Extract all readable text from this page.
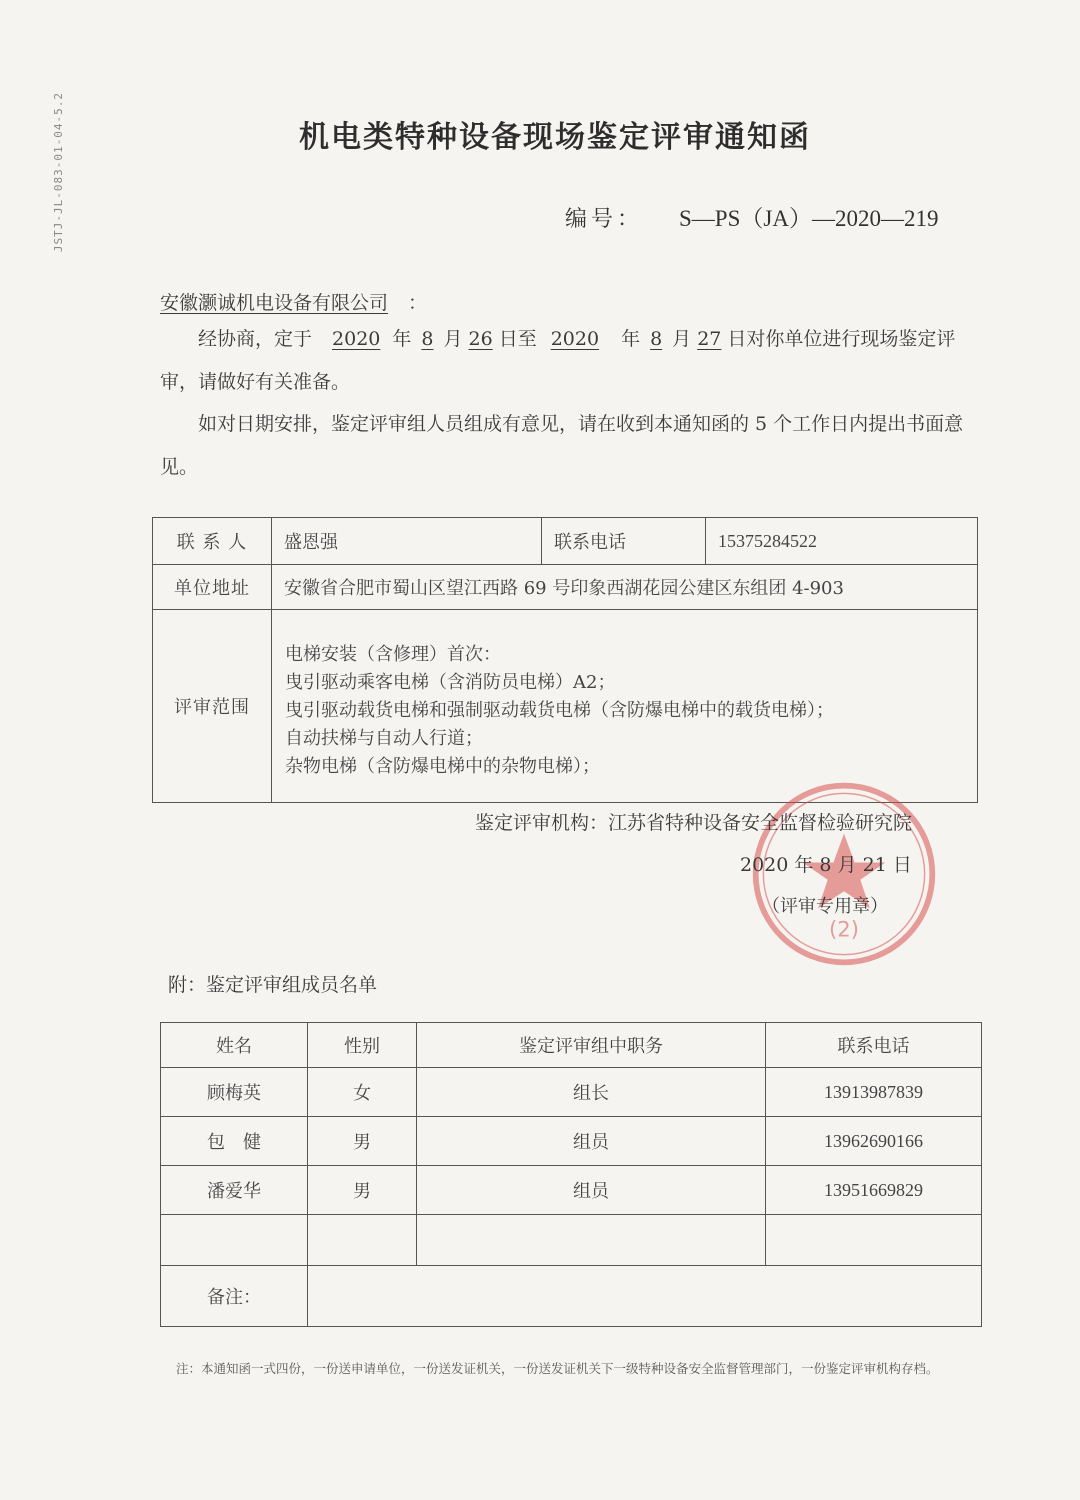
JSTJ-JL-083-01-04-5.2	机电类特种设备现场鉴定评审通知函
编号： S—PS（JA）—2020—219
安徽灏诚机电设备有限公司 ：
经协商，定于 2020 年 8 月 26 日至 2020 年 8 月 27 日对你单位进行现场鉴定评审，请做好有关准备。
如对日期安排，鉴定评审组人员组成有意见，请在收到本通知函的 5 个工作日内提出书面意见。
联 系 人	盛恩强	联系电话	15375284522
单位地址	安徽省合肥市蜀山区望江西路 69 号印象西湖花园公建区东组团 4-903		
评审范围	电梯安装（含修理）首次：
曳引驱动乘客电梯（含消防员电梯）A2；
曳引驱动载货电梯和强制驱动载货电梯（含防爆电梯中的载货电梯）；
自动扶梯与自动人行道；
杂物电梯（含防爆电梯中的杂物电梯）；		
(2)
鉴定评审机构：江苏省特种设备安全监督检验研究院
2020 年 8 月 21 日
（评审专用章）
附：鉴定评审组成员名单
姓名	性别	鉴定评审组中职务	联系电话
顾梅英	女	组长	13913987839
包　健	男	组员	13962690166
潘爱华	男	组员	13951669829

备注：			
注：本通知函一式四份，一份送申请单位，一份送发证机关，一份送发证机关下一级特种设备安全监督管理部门，一份鉴定评审机构存档。
